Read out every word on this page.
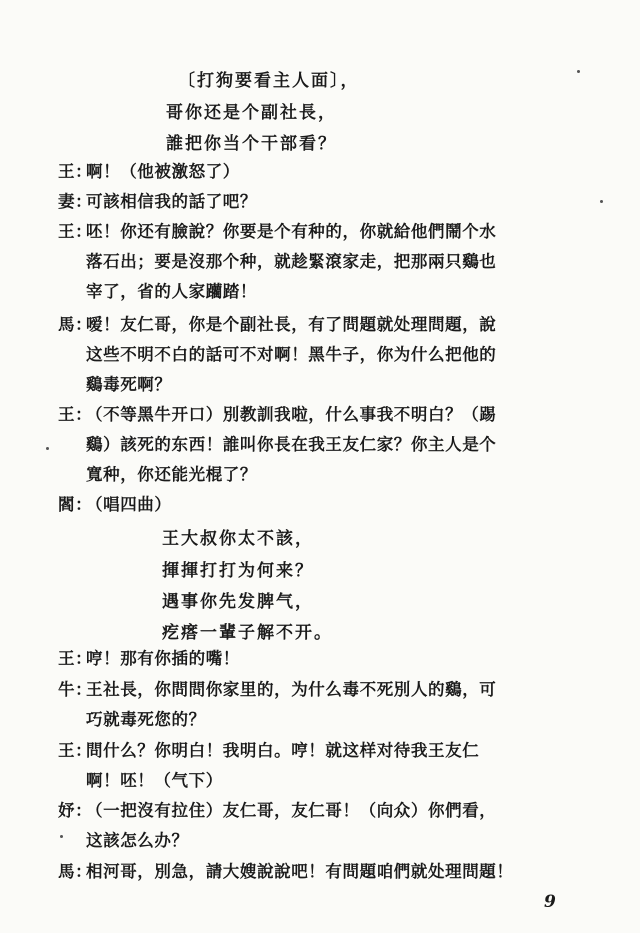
〔打狗要看主人面〕，
哥你还是个副社長，
誰把你当个干部看？
王：啊！（他被激怒了）
妻：可該相信我的話了吧？
王：呸！你还有臉說？你要是个有种的，你就給他們鬧个水
落石出；要是沒那个种，就趁緊滾家走，把那兩只鷄也
宰了，省的人家躪踏！
馬：嗳！友仁哥，你是个副社長，有了問題就处理問題，說
这些不明不白的話可不对啊！黑牛子，你为什么把他的
鷄毒死啊？
王：（不等黑牛开口）別教訓我啦，什么事我不明白？（踢
鷄）該死的东西！誰叫你長在我王友仁家？你主人是个
寬种，你还能光棍了？
閻：（唱四曲）
王大叔你太不該，
揮揮打打为何来？
遇事你先发脾气，
疙瘩一輩子解不开。
王：哼！那有你插的嘴！
牛：王社長，你問問你家里的，为什么毒不死別人的鷄，可
巧就毒死您的？
王：問什么？你明白！我明白。哼！就这样对待我王友仁
啊！呸！（气下）
妤：（一把沒有拉住）友仁哥，友仁哥！（向众）你們看，
这該怎么办？
馬：相河哥，別急，請大嫂說說吧！有問題咱們就处理問題！
9
